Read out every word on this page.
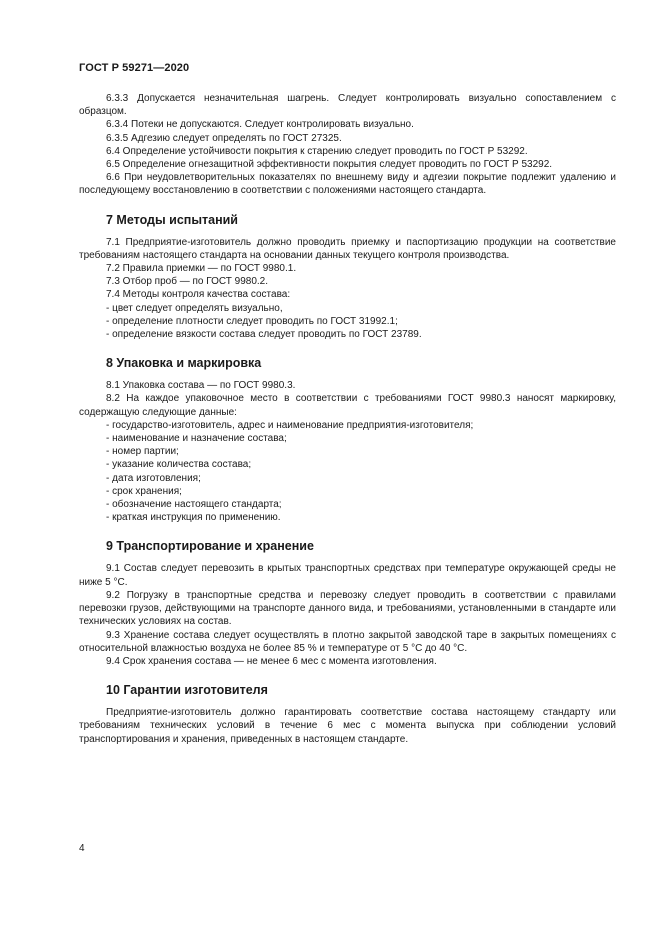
ГОСТ Р 59271—2020

6.3.3 Допускается незначительная шагрень. Следует контролировать визуально сопоставлением с образцом.

6.3.4 Потеки не допускаются. Следует контролировать визуально.

6.3.5 Адгезию следует определять по ГОСТ 27325.

6.4 Определение устойчивости покрытия к старению следует проводить по ГОСТ Р 53292.

6.5 Определение огнезащитной эффективности покрытия следует проводить по ГОСТ Р 53292.

6.6 При неудовлетворительных показателях по внешнему виду и адгезии покрытие подлежит удалению и последующему восстановлению в соответствии с положениями настоящего стандарта.

7 Методы испытаний

7.1 Предприятие-изготовитель должно проводить приемку и паспортизацию продукции на соответствие требованиям настоящего стандарта на основании данных текущего контроля производства.

7.2 Правила приемки — по ГОСТ 9980.1.

7.3 Отбор проб — по ГОСТ 9980.2.

7.4 Методы контроля качества состава:

- цвет следует определять визуально,

- определение плотности следует проводить по ГОСТ 31992.1;

- определение вязкости состава следует проводить по ГОСТ 23789.

8 Упаковка и маркировка

8.1 Упаковка состава — по ГОСТ 9980.3.

8.2 На каждое упаковочное место в соответствии с требованиями ГОСТ 9980.3 наносят маркировку, содержащую следующие данные:

- государство-изготовитель, адрес и наименование предприятия-изготовителя;

- наименование и назначение состава;

- номер партии;

- указание количества состава;

- дата изготовления;

- срок хранения;

- обозначение настоящего стандарта;

- краткая инструкция по применению.

9 Транспортирование и хранение

9.1 Состав следует перевозить в крытых транспортных средствах при температуре окружающей среды не ниже 5 °С.

9.2 Погрузку в транспортные средства и перевозку следует проводить в соответствии с правилами перевозки грузов, действующими на транспорте данного вида, и требованиями, установленными в стандарте или технических условиях на состав.

9.3 Хранение состава следует осуществлять в плотно закрытой заводской таре в закрытых помещениях с относительной влажностью воздуха не более 85 % и температуре от 5 °С до 40 °С.

9.4 Срок хранения состава — не менее 6 мес с момента изготовления.

10 Гарантии изготовителя

Предприятие-изготовитель должно гарантировать соответствие состава настоящему стандарту или требованиям технических условий в течение 6 мес с момента выпуска при соблюдении условий транспортирования и хранения, приведенных в настоящем стандарте.

4
